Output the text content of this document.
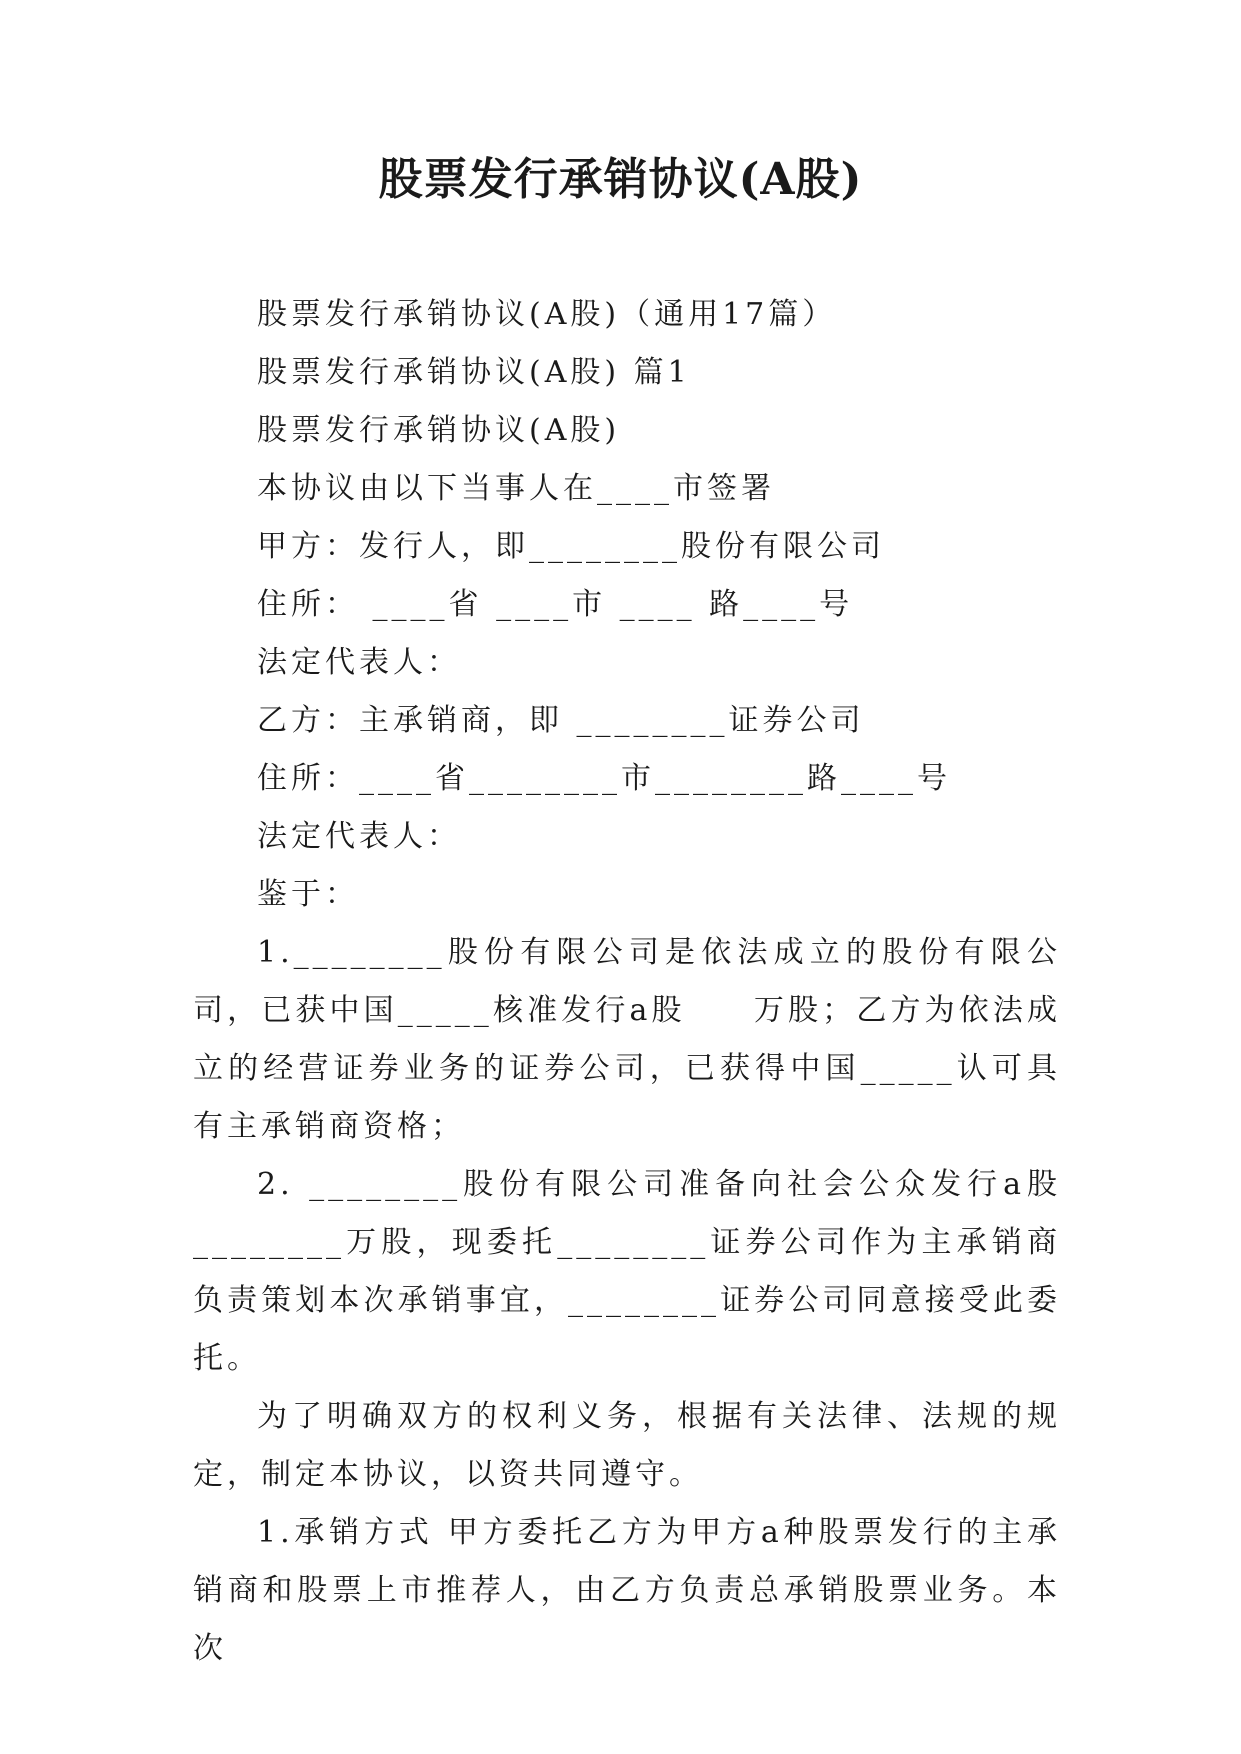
股票发行承销协议(A股)

股票发行承销协议(A股)（通用17篇）

股票发行承销协议(A股) 篇1

股票发行承销协议(A股)

本协议由以下当事人在____市签署

甲方：发行人，即________股份有限公司

住所： ____省 ____市 ____ 路____号

法定代表人：

乙方：主承销商，即 ________证券公司

住所：____省________市________路____号

法定代表人：

鉴于：

1.________股份有限公司是依法成立的股份有限公司，已获中国_____核准发行a股　　万股；乙方为依法成立的经营证券业务的证券公司，已获得中国_____认可具有主承销商资格；

2. ________股份有限公司准备向社会公众发行a股________万股，现委托________证券公司作为主承销商负责策划本次承销事宜，________证券公司同意接受此委托。

为了明确双方的权利义务，根据有关法律、法规的规定，制定本协议，以资共同遵守。

1.承销方式 甲方委托乙方为甲方a种股票发行的主承销商和股票上市推荐人，由乙方负责总承销股票业务。本次
